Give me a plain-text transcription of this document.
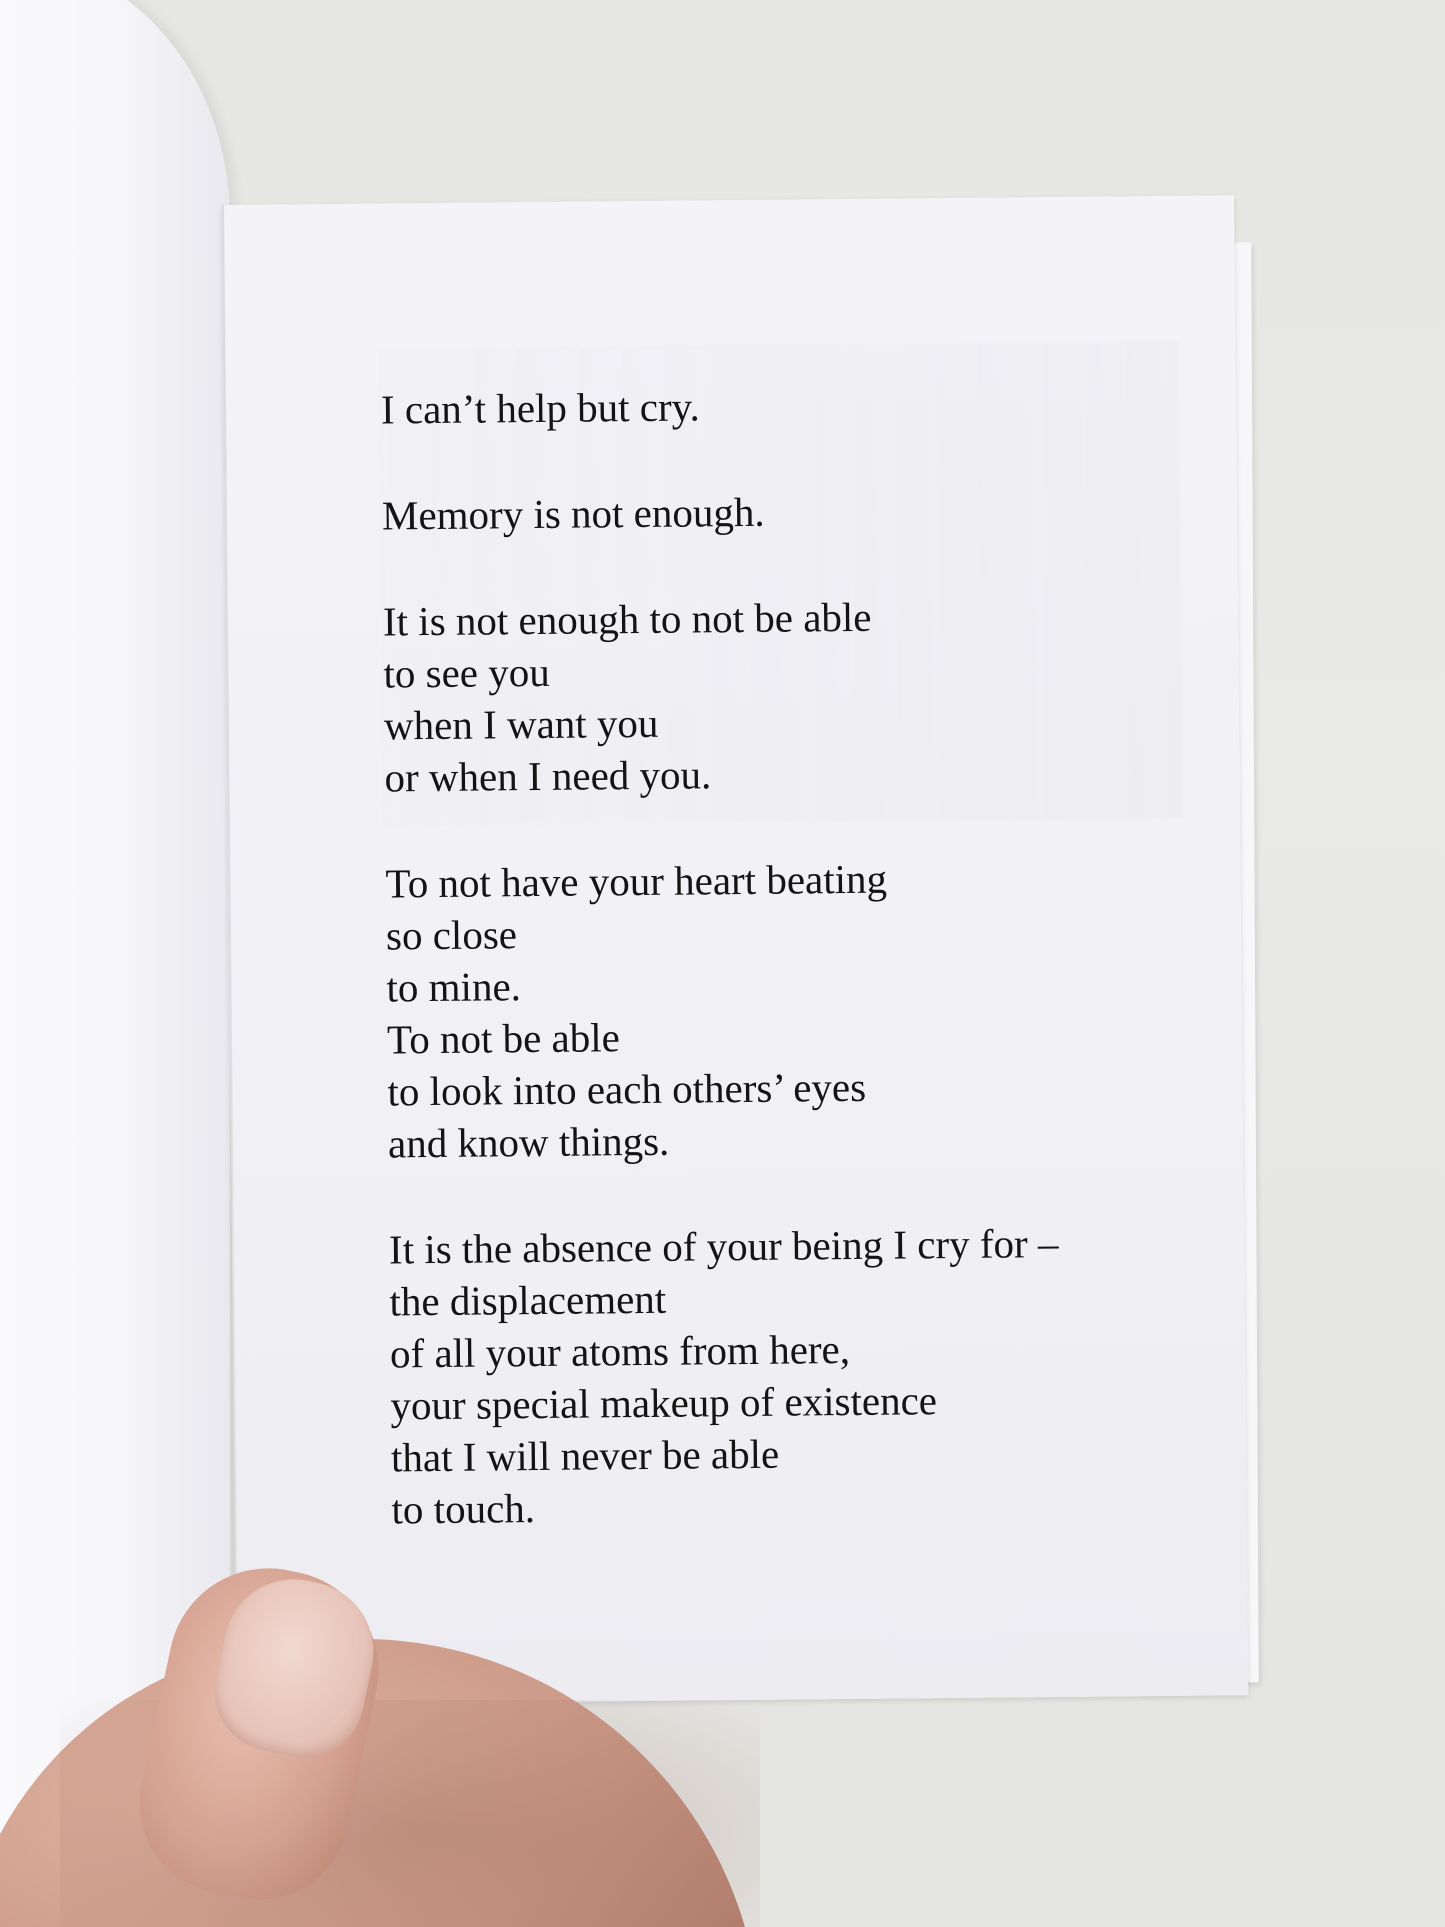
I can’t help but cry.
Memory is not enough.
It is not enough to not be able
to see you
when I want you
or when I need you.
To not have your heart beating
so close
to mine.
To not be able
to look into each others’ eyes
and know things.
It is the absence of your being I cry for –
the displacement
of all your atoms from here,
your special makeup of existence
that I will never be able
to touch.
